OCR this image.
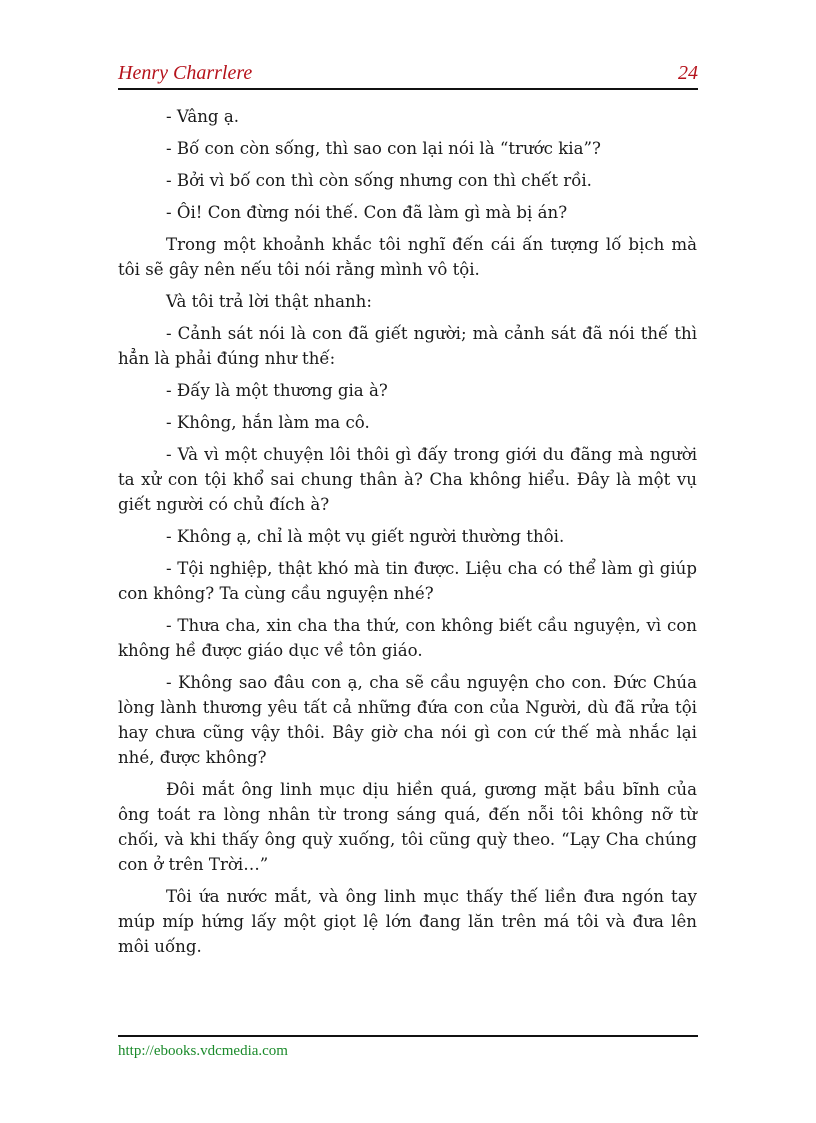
Henry Charrlere	24

- Vâng ạ.

- Bố con còn sống, thì sao con lại nói là “trước kia”?

- Bởi vì bố con thì còn sống nhưng con thì chết rồi.

- Ôi! Con đừng nói thế. Con đã làm gì mà bị án?

Trong một khoảnh khắc tôi nghĩ đến cái ấn tượng lố bịch mà tôi sẽ gây nên nếu tôi nói rằng mình vô tội.

Và tôi trả lời thật nhanh:

- Cảnh sát nói là con đã giết người; mà cảnh sát đã nói thế thì hẳn là phải đúng như thế:

- Đấy là một thương gia à?

- Không, hắn làm ma cô.

- Và vì một chuyện lôi thôi gì đấy trong giới du đãng mà người ta xử con tội khổ sai chung thân à? Cha không hiểu. Đây là một vụ giết người có chủ đích à?

- Không ạ, chỉ là một vụ giết người thường thôi.

- Tội nghiệp, thật khó mà tin được. Liệu cha có thể làm gì giúp con không? Ta cùng cầu nguyện nhé?

- Thưa cha, xin cha tha thứ, con không biết cầu nguyện, vì con không hề được giáo dục về tôn giáo.

- Không sao đâu con ạ, cha sẽ cầu nguyện cho con. Đức Chúa lòng lành thương yêu tất cả những đứa con của Người, dù đã rửa tội hay chưa cũng vậy thôi. Bây giờ cha nói gì con cứ thế mà nhắc lại nhé, được không?

Đôi mắt ông linh mục dịu hiền quá, gương mặt bầu bĩnh của ông toát ra lòng nhân từ trong sáng quá, đến nỗi tôi không nỡ từ chối, và khi thấy ông quỳ xuống, tôi cũng quỳ theo. “Lạy Cha chúng con ở trên Trời…”

Tôi ứa nước mắt, và ông linh mục thấy thế liền đưa ngón tay múp míp hứng lấy một giọt lệ lớn đang lăn trên má tôi và đưa lên môi uống.

http://ebooks.vdcmedia.com
